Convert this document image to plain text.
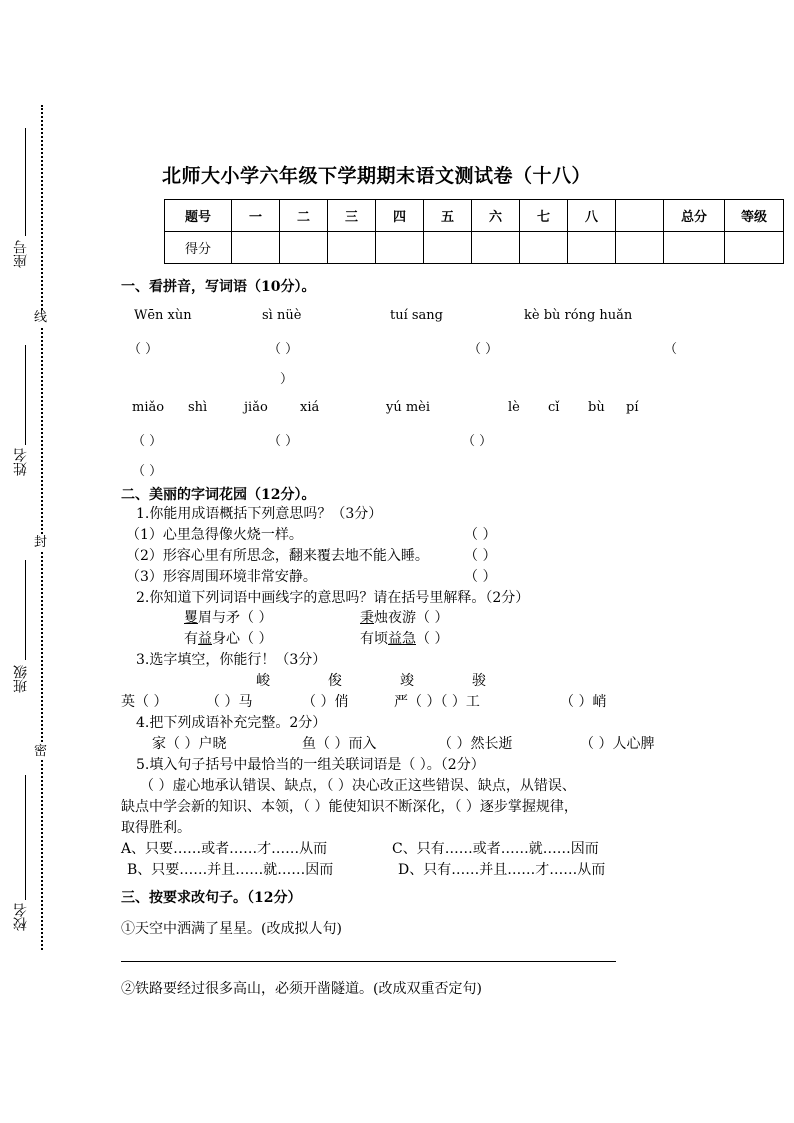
座号
姓名
班级
校名
线
封
密
北师大小学六年级下学期期末语文测试卷（十八）
题号	一	二	三	四	五	六	七	八		总分	等级
得分											
一、看拼音，写词语（10分）。
Wēn xùn	sì nüè	tuí sang	kè bù róng huǎn
（ ）	（ ）	（ ）	（
）
miǎo shì	jiǎo xiá	yú mèi	lè cǐ bù pí
（ ）	（ ）	（ ）
（ ）
二、美丽的字词花园（12分）。
1.你能用成语概括下列意思吗？（3分）
（1）心里急得像火烧一样。	（ ）
（2）形容心里有所思念，翻来覆去地不能入睡。	（ ）
（3）形容周围环境非常安静。	（ ）
2.你知道下列词语中画线字的意思吗？请在括号里解释。（2分）
矍眉与矛（ ）	秉烛夜游（ ）
有益身心（ ）	有顷益急（ ）
3.选字填空，你能行！（3分）
峻	俊	竣	骏
英（ ）	（ ）马	（ ）俏	严（ ）（ ）工	（ ）峭
4.把下列成语补充完整。2分）
家（ ）户晓	鱼（ ）而入	（ ）然长逝	（ ）人心脾
5.填入句子括号中最恰当的一组关联词语是（ ）。（2分）
（ ）虚心地承认错误、缺点，（ ）决心改正这些错误、缺点，从错误、
缺点中学会新的知识、本领，（ ）能使知识不断深化，（ ）逐步掌握规律，
取得胜利。
A、只要……或者……才……从而	C、只有……或者……就……因而
B、只要……并且……就……因而	D、只有……并且……才……从而
三、按要求改句子。（12分）
①天空中洒满了星星。(改成拟人句)
②铁路要经过很多高山，必须开凿隧道。(改成双重否定句)
